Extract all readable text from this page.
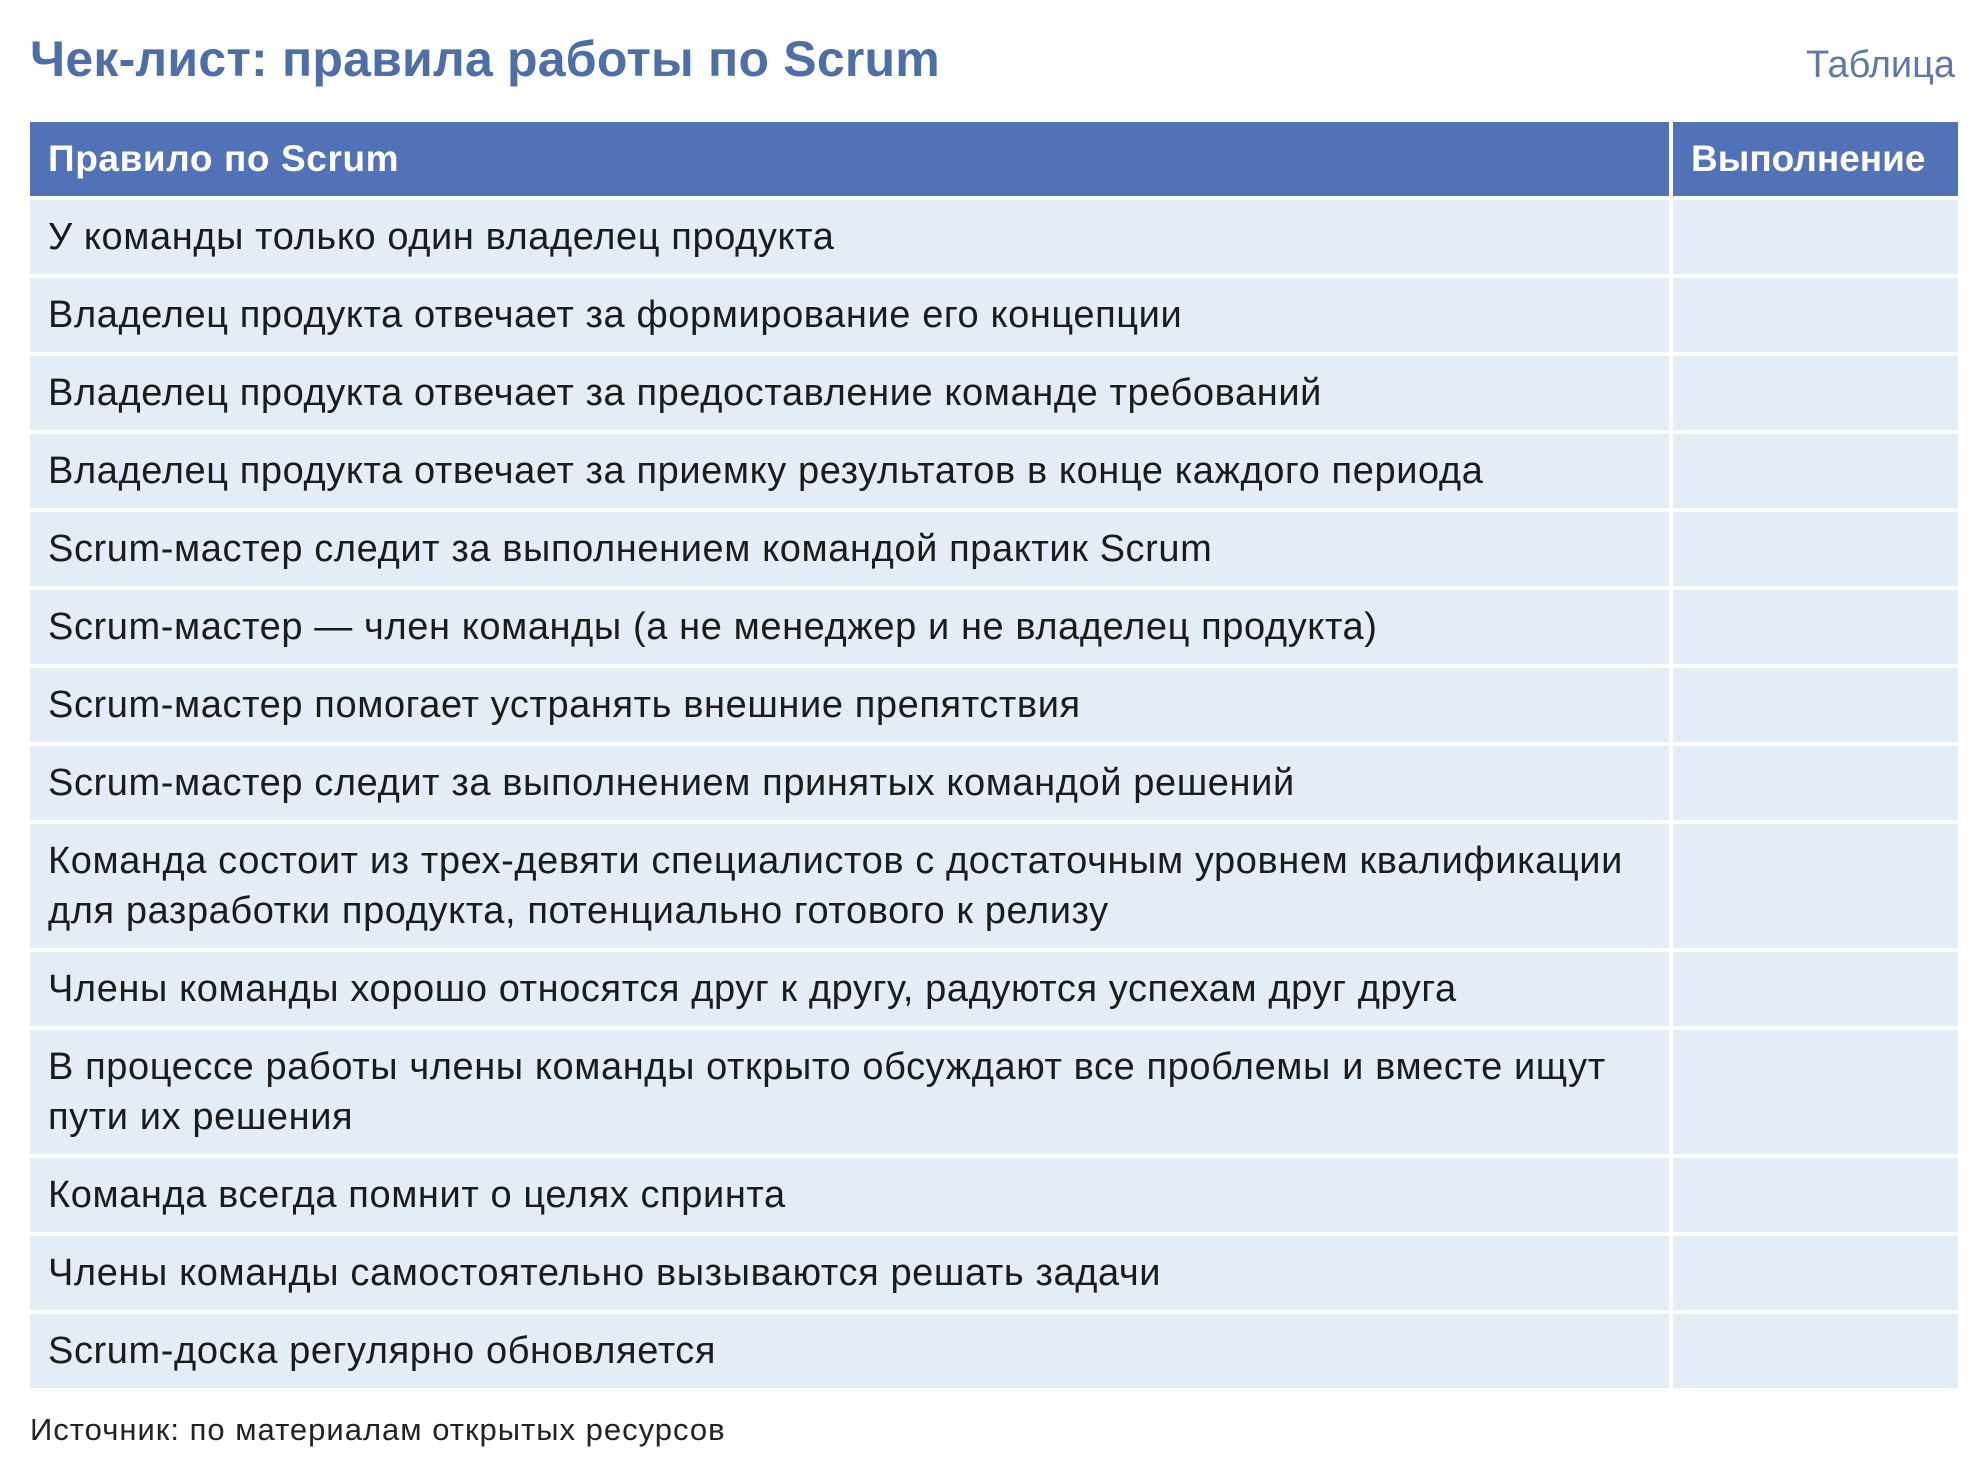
Чек-лист: правила работы по Scrum	Таблица
Правило по Scrum	Выполнение
У команды только один владелец продукта
Владелец продукта отвечает за формирование его концепции
Владелец продукта отвечает за предоставление команде требований
Владелец продукта отвечает за приемку результатов в конце каждого периода
Scrum-мастер следит за выполнением командой практик Scrum
Scrum-мастер — член команды (а не менеджер и не владелец продукта)
Scrum-мастер помогает устранять внешние препятствия
Scrum-мастер следит за выполнением принятых командой решений
Команда состоит из трех-девяти специалистов с достаточным уровнем квалификации для разработки продукта, потенциально готового к релизу
Члены команды хорошо относятся друг к другу, радуются успехам друг друга
В процессе работы члены команды открыто обсуждают все проблемы и вместе ищут пути их решения
Команда всегда помнит о целях спринта
Члены команды самостоятельно вызываются решать задачи
Scrum-доска регулярно обновляется
Источник: по материалам открытых ресурсов
